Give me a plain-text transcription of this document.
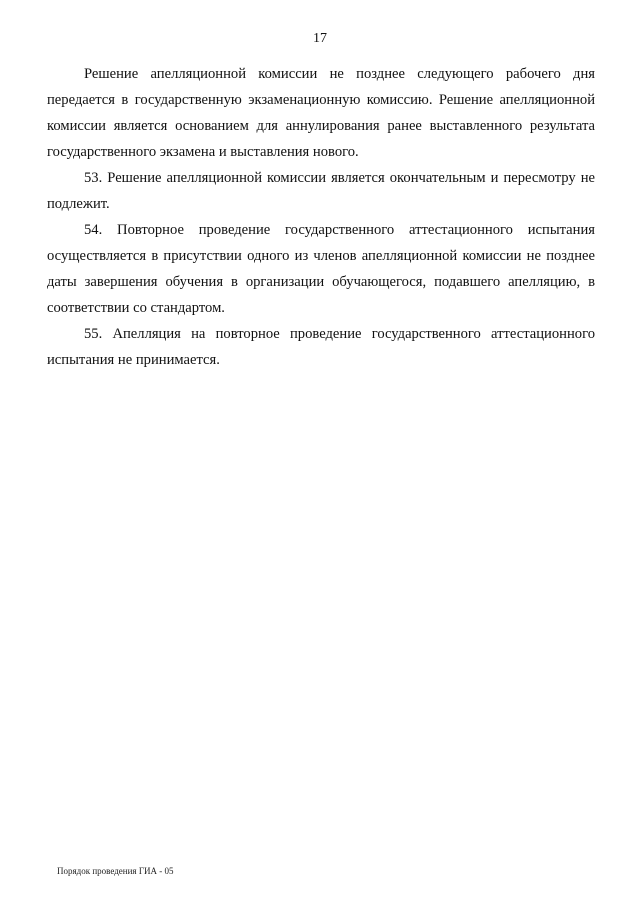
17

Решение апелляционной комиссии не позднее следующего рабочего дня передается в государственную экзаменационную комиссию. Решение апелляционной комиссии является основанием для аннулирования ранее выставленного результата государственного экзамена и выставления нового.

53. Решение апелляционной комиссии является окончательным и пересмотру не подлежит.

54. Повторное проведение государственного аттестационного испытания осуществляется в присутствии одного из членов апелляционной комиссии не позднее даты завершения обучения в организации обучающегося, подавшего апелляцию, в соответствии со стандартом.

55. Апелляция на повторное проведение государственного аттестационного испытания не принимается.

Порядок проведения ГИА - 05
